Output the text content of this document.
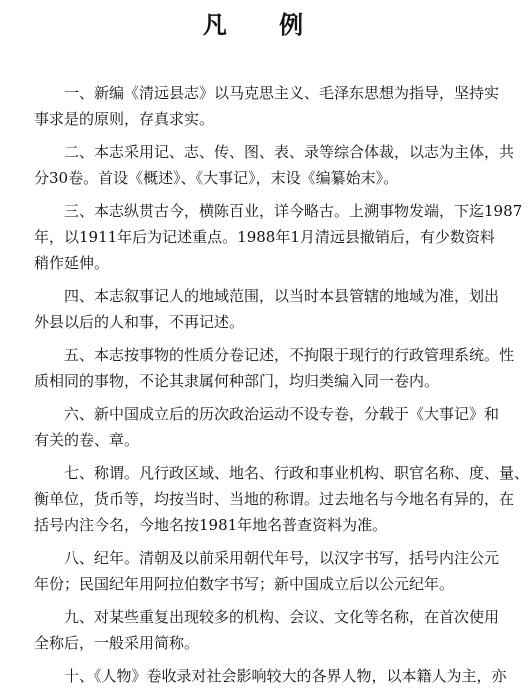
凡 例
一、新编《清远县志》以马克思主义、毛泽东思想为指导，坚持实
事求是的原则，存真求实。
二、本志采用记、志、传、图、表、录等综合体裁，以志为主体，共
分30卷。首设《概述》、《大事记》，末设《编纂始末》。
三、本志纵贯古今，横陈百业，详今略古。上溯事物发端，下迄1987
年，以1911年后为记述重点。1988年1月清远县撤销后，有少数资料
稍作延伸。
四、本志叙事记人的地域范围，以当时本县管辖的地域为准，划出
外县以后的人和事，不再记述。
五、本志按事物的性质分卷记述，不拘限于现行的行政管理系统。性
质相同的事物，不论其隶属何种部门，均归类编入同一卷内。
六、新中国成立后的历次政治运动不设专卷，分载于《大事记》和
有关的卷、章。
七、称谓。凡行政区域、地名、行政和事业机构、职官名称、度、量、
衡单位，货币等，均按当时、当地的称谓。过去地名与今地名有异的，在
括号内注今名，今地名按1981年地名普查资料为准。
八、纪年。清朝及以前采用朝代年号，以汉字书写，括号内注公元
年份；民国纪年用阿拉伯数字书写；新中国成立后以公元纪年。
九、对某些重复出现较多的机构、会议、文化等名称，在首次使用
全称后，一般采用简称。
十、《人物》卷收录对社会影响较大的各界人物，以本籍人为主，亦
